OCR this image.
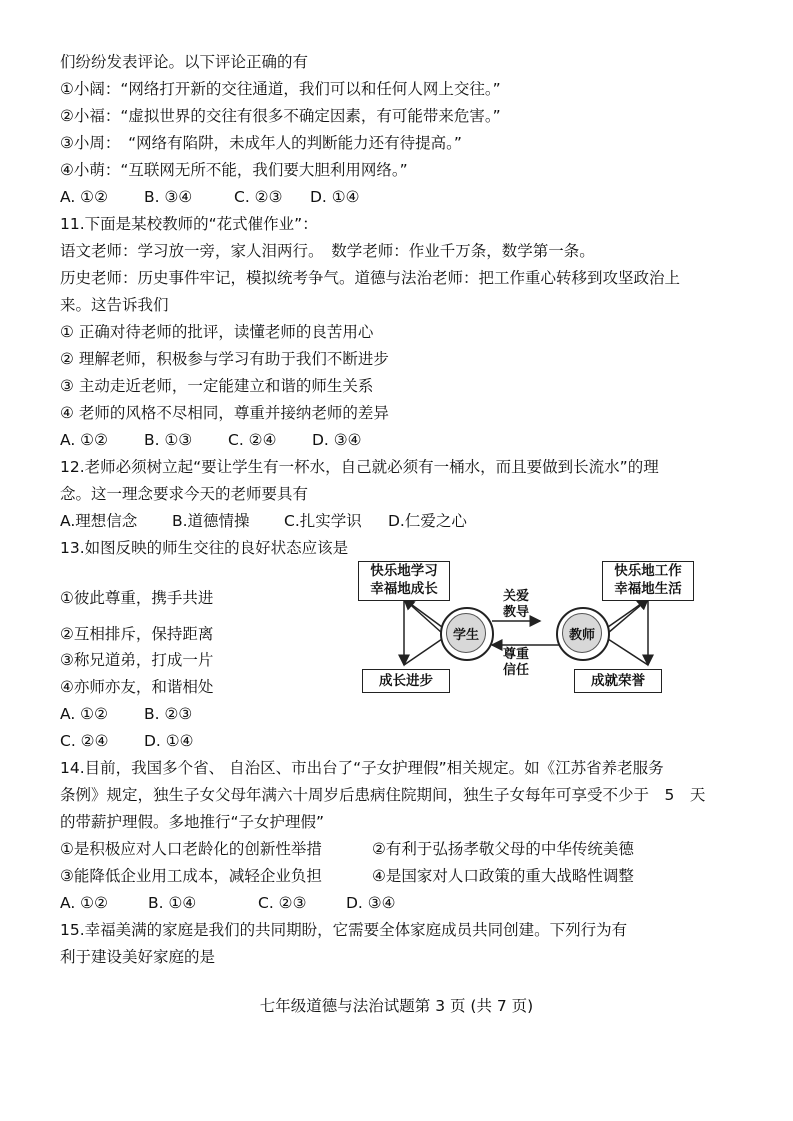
们纷纷发表评论。以下评论正确的有
①小阔：“网络打开新的交往通道，我们可以和任何人网上交往。”
②小福：“虚拟世界的交往有很多不确定因素，有可能带来危害。”
③小周：　“网络有陷阱，未成年人的判断能力还有待提高。”
④小萌：“互联网无所不能，我们要大胆利用网络。”
A. ①② B. ③④	C. ②③ D. ①④
11.下面是某校教师的“花式催作业”：
语文老师：学习放一旁，家人泪两行。　数学老师：作业千万条，数学第一条。
历史老师：历史事件牢记，模拟统考争气。道德与法治老师：把工作重心转移到攻坚政治上
来。这告诉我们
① 正确对待老师的批评，读懂老师的良苦用心
② 理解老师，积极参与学习有助于我们不断进步
③ 主动走近老师，一定能建立和谐的师生关系
④ 老师的风格不尽相同，尊重并接纳老师的差异
A. ①② B. ①③ C. ②④ D. ③④
12.老师必须树立起“要让学生有一杯水，自己就必须有一桶水，而且要做到长流水”的理
念。这一理念要求今天的老师要具有
A.理想信念 B.道德情操 C.扎实学识 D.仁爱之心
13.如图反映的师生交往的良好状态应该是
①彼此尊重，携手共进
②互相排斥，保持距离
③称兄道弟，打成一片
④亦师亦友，和谐相处
A. ①② B. ②③
C. ②④ D. ①④
快乐地学习
幸福地成长
快乐地工作
幸福地生活
学生	教师
关爱
教导
尊重
信任
成长进步	成就荣誉
14.目前，我国多个省、 自治区、市出台了“子女护理假”相关规定。如《江苏省养老服务
条例》规定，独生子女父母年满六十周岁后患病住院期间，独生子女每年可享受不少于　5　天
的带薪护理假。多地推行“子女护理假”
①是积极应对人口老龄化的创新性举措	②有利于弘扬孝敬父母的中华传统美德
③能降低企业用工成本，减轻企业负担	④是国家对人口政策的重大战略性调整
A. ①②	B. ①④	C. ②③	D. ③④
15.幸福美满的家庭是我们的共同期盼，它需要全体家庭成员共同创建。下列行为有
利于建设美好家庭的是
七年级道德与法治试题第 3 页 (共 7 页)
